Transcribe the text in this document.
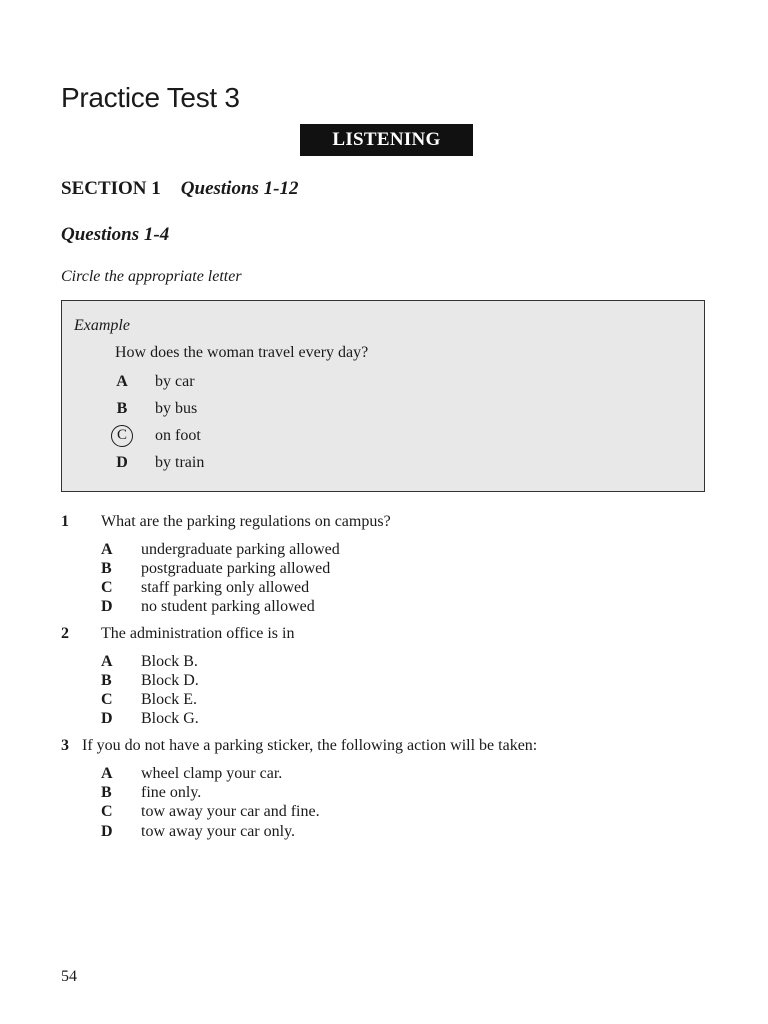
Practice Test 3
LISTENING
SECTION 1 Questions 1-12
Questions 1-4
Circle the appropriate letter
Example
How does the woman travel every day?
A by car
B by bus
C	on foot
D by train
1 What are the parking regulations on campus?
A undergraduate parking allowed
B postgraduate parking allowed
C staff parking only allowed
D no student parking allowed
2 The administration office is in
A Block B.
B Block D.
C Block E.
D Block G.
3 If you do not have a parking sticker, the following action will be taken:
A wheel clamp your car.
B fine only.
C tow away your car and fine.
D tow away your car only.
54
